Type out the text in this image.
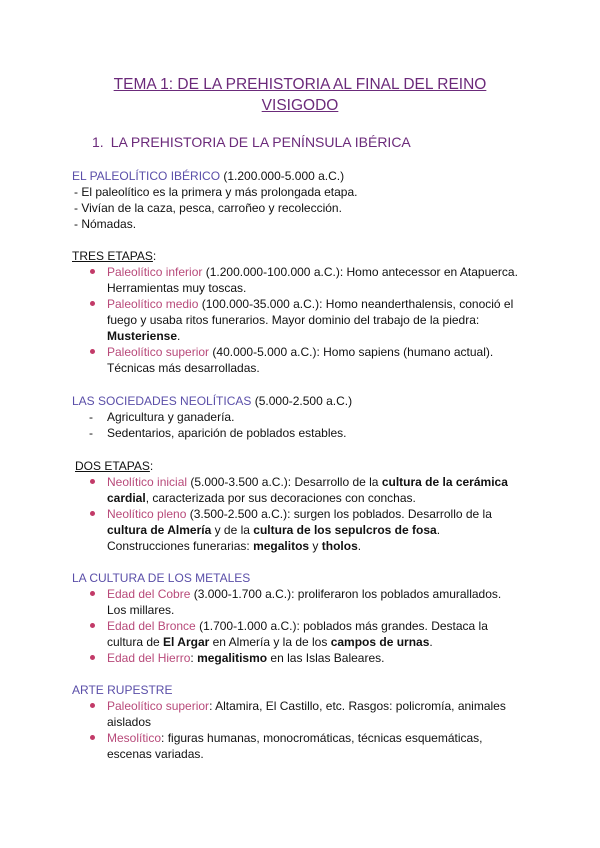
TEMA 1: DE LA PREHISTORIA AL FINAL DEL REINO
VISIGODO
1. LA PREHISTORIA DE LA PENÍNSULA IBÉRICA
EL PALEOLÍTICO IBÉRICO (1.200.000-5.000 a.C.)
- El paleolítico es la primera y más prolongada etapa.
- Vivían de la caza, pesca, carroñeo y recolección.
- Nómadas.
TRES ETAPAS:
Paleolítico inferior (1.200.000-100.000 a.C.): Homo antecessor en Atapuerca.
Herramientas muy toscas.
Paleolítico medio (100.000-35.000 a.C.): Homo neanderthalensis, conoció el
fuego y usaba ritos funerarios. Mayor dominio del trabajo de la piedra:
Musteriense.
Paleolítico superior (40.000-5.000 a.C.): Homo sapiens (humano actual).
Técnicas más desarrolladas.
LAS SOCIEDADES NEOLÍTICAS (5.000-2.500 a.C.)
- Agricultura y ganadería.
- Sedentarios, aparición de poblados estables.
DOS ETAPAS:
Neolítico inicial (5.000-3.500 a.C.): Desarrollo de la cultura de la cerámica
cardial, caracterizada por sus decoraciones con conchas.
Neolítico pleno (3.500-2.500 a.C.): surgen los poblados. Desarrollo de la
cultura de Almería y de la cultura de los sepulcros de fosa.
Construcciones funerarias: megalitos y tholos.
LA CULTURA DE LOS METALES
Edad del Cobre (3.000-1.700 a.C.): proliferaron los poblados amurallados.
Los millares.
Edad del Bronce (1.700-1.000 a.C.): poblados más grandes. Destaca la
cultura de El Argar en Almería y la de los campos de urnas.
Edad del Hierro: megalitismo en las Islas Baleares.
ARTE RUPESTRE
Paleolítico superior: Altamira, El Castillo, etc. Rasgos: policromía, animales
aislados
Mesolítico: figuras humanas, monocromáticas, técnicas esquemáticas,
escenas variadas.
